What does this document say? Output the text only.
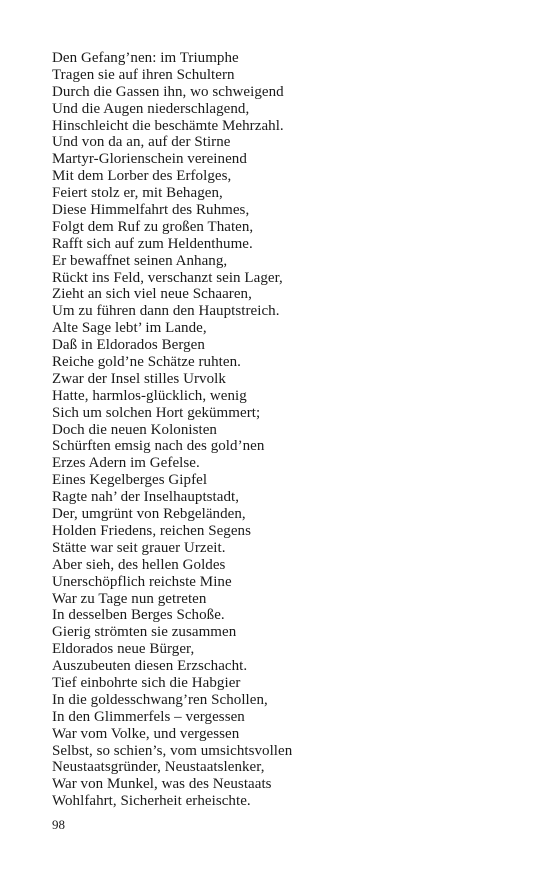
Den Gefang’nen: im Triumphe
Tragen sie auf ihren Schultern
Durch die Gassen ihn, wo schweigend
Und die Augen niederschlagend,
Hinschleicht die beschämte Mehrzahl.
Und von da an, auf der Stirne
Martyr-Glorienschein vereinend
Mit dem Lorber des Erfolges,
Feiert stolz er, mit Behagen,
Diese Himmelfahrt des Ruhmes,
Folgt dem Ruf zu großen Thaten,
Rafft sich auf zum Heldenthume.
Er bewaffnet seinen Anhang,
Rückt ins Feld, verschanzt sein Lager,
Zieht an sich viel neue Schaaren,
Um zu führen dann den Hauptstreich.
Alte Sage lebt’ im Lande,
Daß in Eldorados Bergen
Reiche gold’ne Schätze ruhten.
Zwar der Insel stilles Urvolk
Hatte, harmlos-glücklich, wenig
Sich um solchen Hort gekümmert;
Doch die neuen Kolonisten
Schürften emsig nach des gold’nen
Erzes Adern im Gefelse.
Eines Kegelberges Gipfel
Ragte nah’ der Inselhauptstadt,
Der, umgrünt von Rebgeländen,
Holden Friedens, reichen Segens
Stätte war seit grauer Urzeit.
Aber sieh, des hellen Goldes
Unerschöpflich reichste Mine
War zu Tage nun getreten
In desselben Berges Schoße.
Gierig strömten sie zusammen
Eldorados neue Bürger,
Auszubeuten diesen Erzschacht.
Tief einbohrte sich die Habgier
In die goldesschwang’ren Schollen,
In den Glimmerfels – vergessen
War vom Volke, und vergessen
Selbst, so schien’s, vom umsichtsvollen
Neustaatsgründer, Neustaatslenker,
War von Munkel, was des Neustaats
Wohlfahrt, Sicherheit erheischte.
98
